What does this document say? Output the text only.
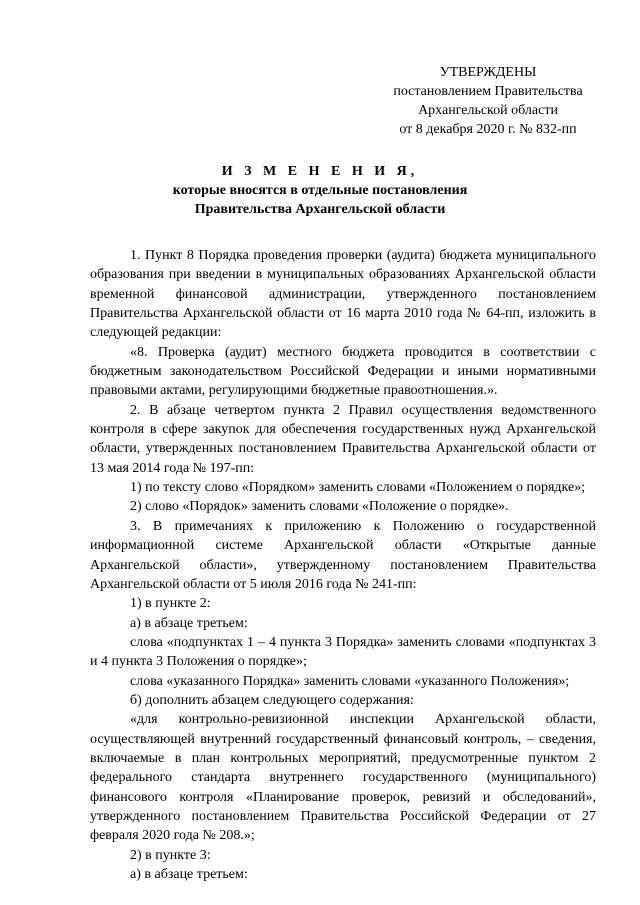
УТВЕРЖДЕНЫ
постановлением Правительства
Архангельской области
от 8 декабря 2020 г. № 832-пп
И З М Е Н Е Н И Я,
которые вносятся в отдельные постановления
Правительства Архангельской области

1. Пункт 8 Порядка проведения проверки (аудита) бюджета муниципального образования при введении в муниципальных образованиях Архангельской области временной финансовой администрации, утвержденного постановлением Правительства Архангельской области от 16 марта 2010 года № 64-пп, изложить в следующей редакции:

«8. Проверка (аудит) местного бюджета проводится в соответствии с бюджетным законодательством Российской Федерации и иными нормативными правовыми актами, регулирующими бюджетные правоотношения.».

2. В абзаце четвертом пункта 2 Правил осуществления ведомственного контроля в сфере закупок для обеспечения государственных нужд Архангельской области, утвержденных постановлением Правительства Архангельской области от 13 мая 2014 года № 197-пп:

1) по тексту слово «Порядком» заменить словами «Положением о порядке»;

2) слово «Порядок» заменить словами «Положение о порядке».

3. В примечаниях к приложению к Положению о государственной информационной системе Архангельской области «Открытые данные Архангельской области», утвержденному постановлением Правительства Архангельской области от 5 июля 2016 года № 241-пп:

1) в пункте 2:

а) в абзаце третьем:

слова «подпунктах 1 – 4 пункта 3 Порядка» заменить словами «подпунктах 3 и 4 пункта 3 Положения о порядке»;

слова «указанного Порядка» заменить словами «указанного Положения»;

б) дополнить абзацем следующего содержания:

«для контрольно-ревизионной инспекции Архангельской области, осуществляющей внутренний государственный финансовый контроль, – сведения, включаемые в план контрольных мероприятий, предусмотренные пунктом 2 федерального стандарта внутреннего государственного (муниципального) финансового контроля «Планирование проверок, ревизий и обследований», утвержденного постановлением Правительства Российской Федерации от 27 февраля 2020 года № 208.»;

2) в пункте 3:

а) в абзаце третьем:
